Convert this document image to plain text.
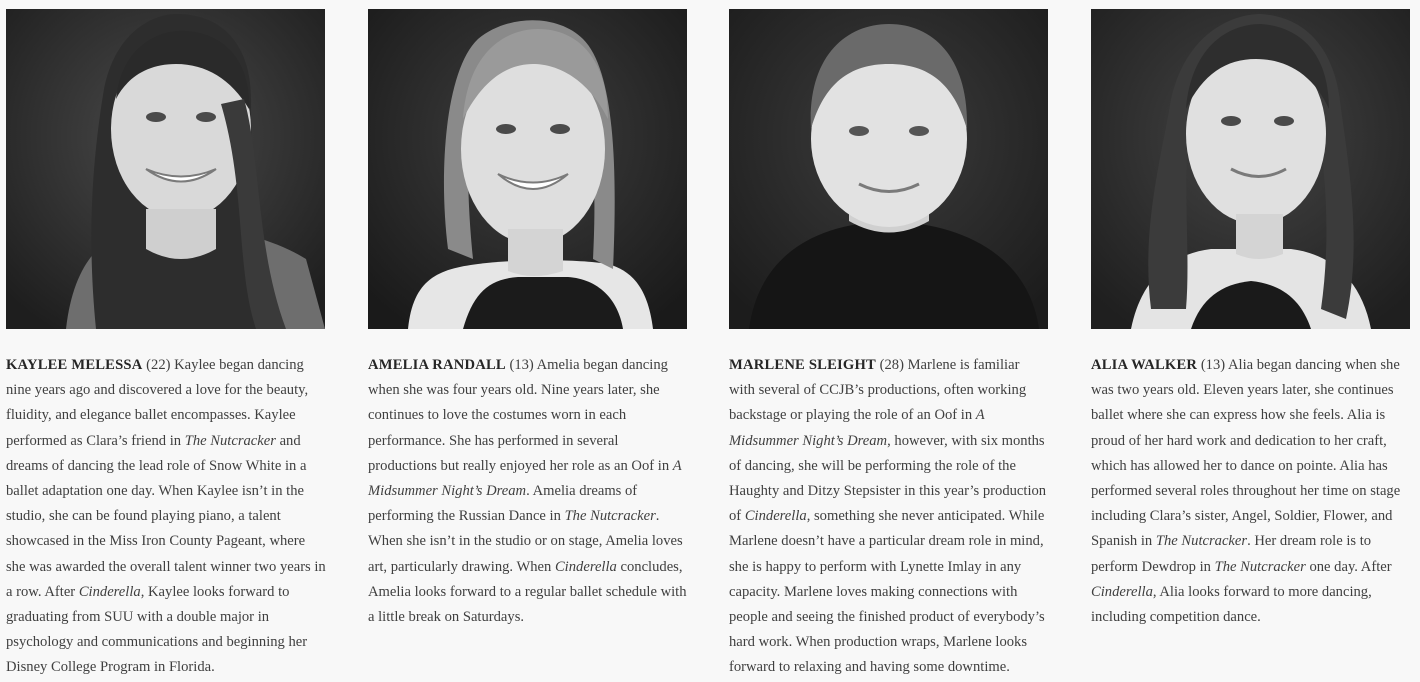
KAYLEE MELESSA (22) Kaylee began dancing nine years ago and discovered a love for the beauty, fluidity, and elegance ballet encompasses. Kaylee performed as Clara’s friend in The Nutcracker and dreams of dancing the lead role of Snow White in a ballet adaptation one day. When Kaylee isn’t in the studio, she can be found playing piano, a talent showcased in the Miss Iron County Pageant, where she was awarded the overall talent winner two years in a row. After Cinderella, Kaylee looks forward to graduating from SUU with a double major in psychology and communications and beginning her Disney College Program in Florida.
AMELIA RANDALL (13) Amelia began dancing when she was four years old. Nine years later, she continues to love the costumes worn in each performance. She has performed in several productions but really enjoyed her role as an Oof in A Midsummer Night’s Dream. Amelia dreams of performing the Russian Dance in The Nutcracker. When she isn’t in the studio or on stage, Amelia loves art, particularly drawing. When Cinderella concludes, Amelia looks forward to a regular ballet schedule with a little break on Saturdays.
MARLENE SLEIGHT (28) Marlene is familiar with several of CCJB’s productions, often working backstage or playing the role of an Oof in A Midsummer Night’s Dream, however, with six months of dancing, she will be performing the role of the Haughty and Ditzy Stepsister in this year’s production of Cinderella, something she never anticipated. While Marlene doesn’t have a particular dream role in mind, she is happy to perform with Lynette Imlay in any capacity. Marlene loves making connections with people and seeing the finished product of everybody’s hard work. When production wraps, Marlene looks forward to relaxing and having some downtime.
ALIA WALKER (13) Alia began dancing when she was two years old. Eleven years later, she continues ballet where she can express how she feels. Alia is proud of her hard work and dedication to her craft, which has allowed her to dance on pointe. Alia has performed several roles throughout her time on stage including Clara’s sister, Angel, Soldier, Flower, and Spanish in The Nutcracker. Her dream role is to perform Dewdrop in The Nutcracker one day. After Cinderella, Alia looks forward to more dancing, including competition dance.
